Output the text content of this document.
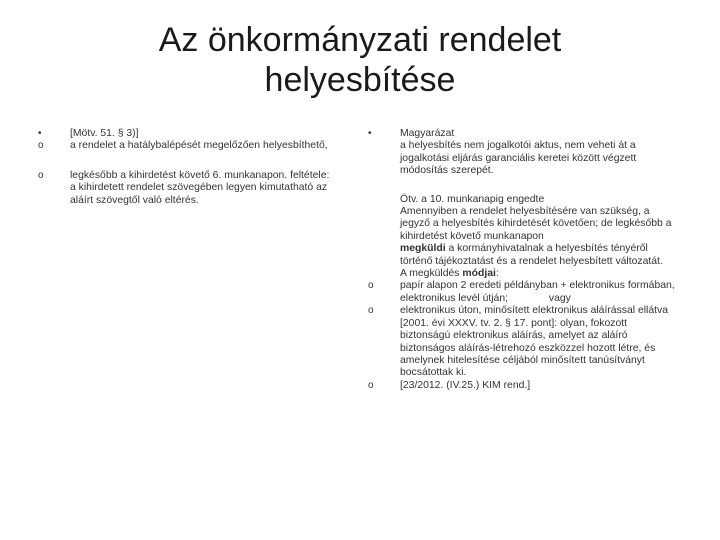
Az önkormányzati rendelet
helyesbítése
•	[Mötv. 51. § 3)]
o	a rendelet a hatálybalépését megelőzően helyesbíthető,
o	legkésőbb a kihirdetést követő 6. munkanapon. feltétele: a kihirdetett rendelet szövegében legyen kimutatható az aláírt szövegtől való eltérés.
•	Magyarázat
a helyesbítés nem jogalkotói aktus, nem veheti át a jogalkotási eljárás garanciális keretei között végzett módosítás szerepét.
Ötv. a 10. munkanapig engedte
Amennyiben a rendelet helyesbítésére van szükség, a jegyző a helyesbítés kihirdetését követően; de legkésőbb a kihirdetést követő munkanapon
megküldi a kormányhivatalnak a helyesbítés tényéről történő tájékoztatást és a rendelet helyesbített változatát.
A megküldés módjai:
o	papír alapon 2 eredeti példányban + elektronikus formában, elektronikus levél útján;	vagy
o	elektronikus úton, minősített elektronikus aláírással ellátva [2001. évi XXXV. tv. 2. § 17. pont]: olyan, fokozott biztonságú elektronikus aláírás, amelyet az aláíró biztonságos aláírás-létrehozó eszközzel hozott létre, és amelynek hitelesítése céljából minősített tanúsítványt bocsátottak ki.
o	[23/2012. (IV.25.) KIM rend.]
